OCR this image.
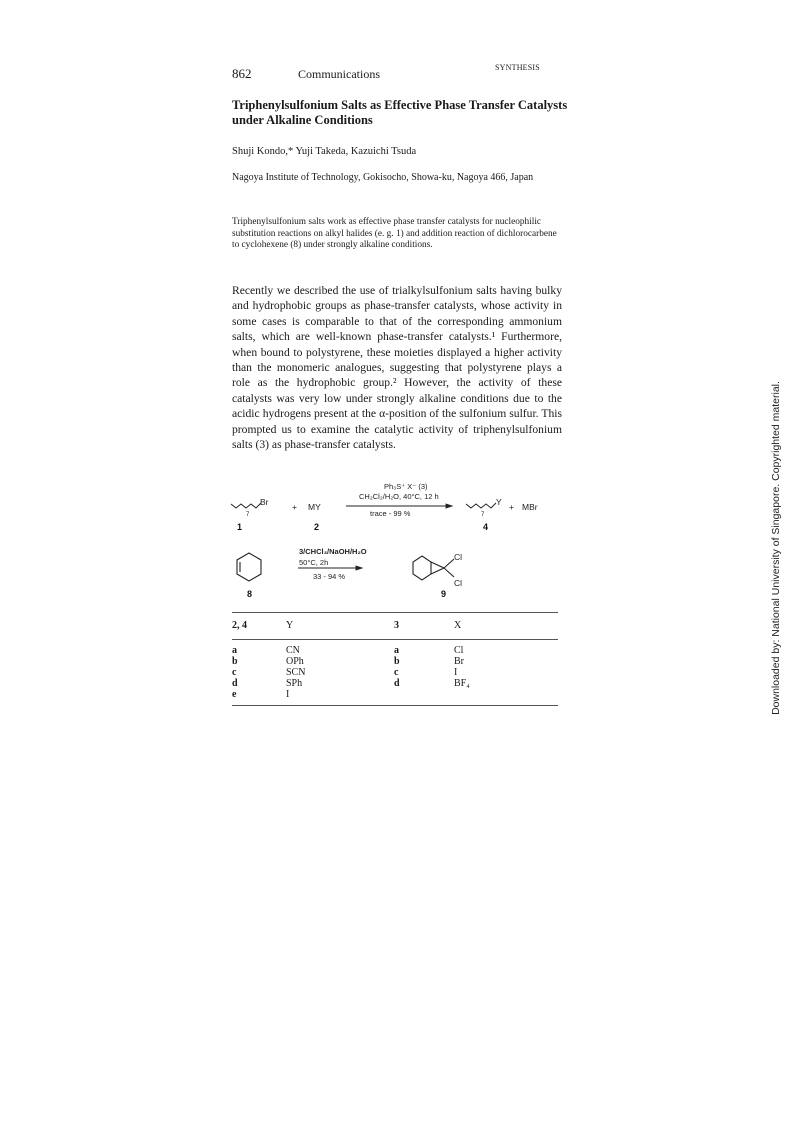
862	Communications	SYNTHESIS
Triphenylsulfonium Salts as Effective Phase Transfer Catalysts under Alkaline Conditions
Shuji Kondo,* Yuji Takeda, Kazuichi Tsuda
Nagoya Institute of Technology, Gokisocho, Showa-ku, Nagoya 466, Japan
Triphenylsulfonium salts work as effective phase transfer catalysts for nucleophilic substitution reactions on alkyl halides (e. g. 1) and addition reaction of dichlorocarbene to cyclohexene (8) under strongly alkaline conditions.

Recently we described the use of trialkylsulfonium salts having bulky and hydrophobic groups as phase-transfer catalysts, whose activity in some cases is comparable to that of the corresponding ammonium salts, which are well-known phase-transfer catalysts.¹ Furthermore, when bound to polystyrene, these moieties displayed a higher activity than the monomeric analogues, suggesting that polystyrene plays a role as the hydrophobic group.² However, the activity of these catalysts was very low under strongly alkaline conditions due to the acidic hydrogens present at the α-position of the sulfonium sulfur. This prompted us to examine the catalytic activity of triphenylsulfonium salts (3) as phase-transfer catalysts.

Br
7
1
+ MY
2
Ph₃S⁺ X⁻ (3)
CH₂Cl₂/H₂O, 40°C, 12 h
trace - 99 %
Y
7
4
+ MBr
8
3/CHCl₃/NaOH/H₂O
50°C, 2h
33 - 94 %
Cl
Cl
9
2, 4	Y	3	X
a	CN	a	Cl
b	OPh	b	Br
c	SCN	c	I
d	SPh	d	BF₄
e	I	Downloaded by: National University of Singapore. Copyrighted material.
